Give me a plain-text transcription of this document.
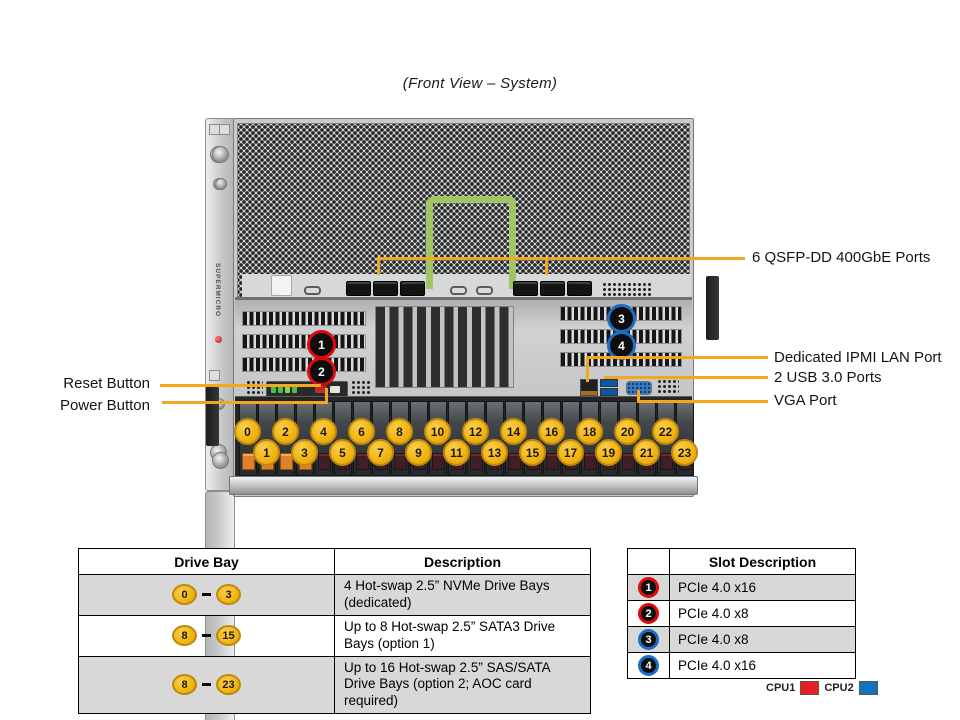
(Front View – System)
SUPERMICRO
0
1
2
3
4
5
6
7
8
9
10
11
12
13
14
15
16
17
18
19
20
21
22
23
1
2
3
4
6 QSFP-DD 400GbE Ports
Dedicated IPMI LAN Port
2 USB 3.0 Ports
VGA Port
Reset Button
Power Button
Drive Bay	Description
0 3	4 Hot-swap 2.5” NVMe Drive Bays (dedicated)
8 15	Up to 8 Hot-swap 2.5” SATA3 Drive Bays (option 1)
8 23	Up to 16 Hot-swap 2.5” SAS/SATA Drive Bays (option 2; AOC card required)
	Slot Description
1	PCIe 4.0 x16
2	PCIe 4.0 x8
3	PCIe 4.0 x8
4	PCIe 4.0 x16
CPU1	CPU2
